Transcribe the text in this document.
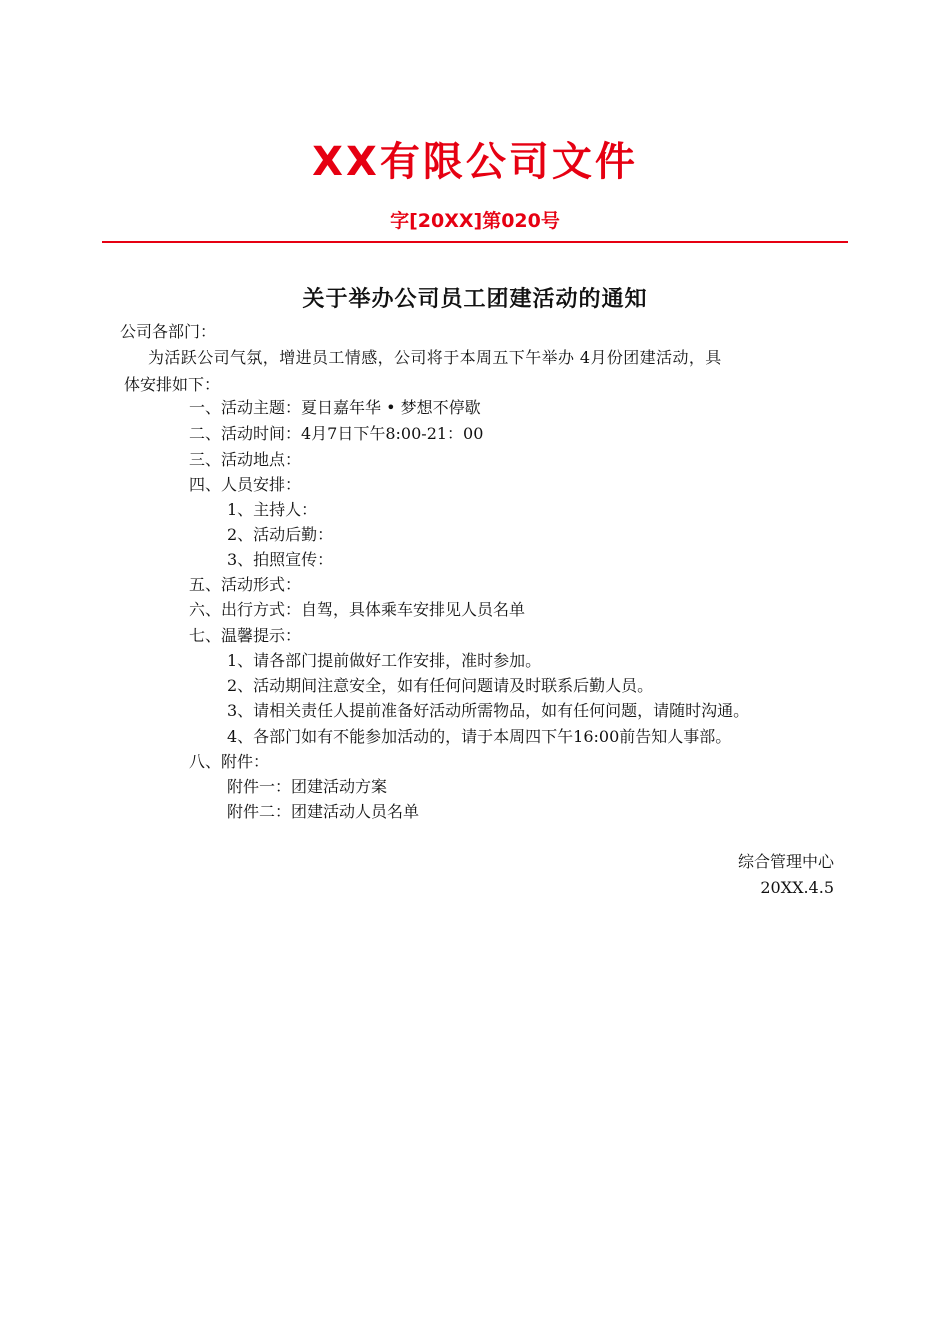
XX有限公司文件
字[20XX]第020号
关于举办公司员工团建活动的通知
公司各部门：
为活跃公司气氛，增进员工情感，公司将于本周五下午举办 4月份团建活动，具
体安排如下：
一、活动主题：夏日嘉年华 • 梦想不停歇
二、活动时间：4月7日下午8:00-21：00
三、活动地点：
四、人员安排：
1、主持人：
2、活动后勤：
3、拍照宣传：
五、活动形式：
六、出行方式：自驾，具体乘车安排见人员名单
七、温馨提示：
1、请各部门提前做好工作安排，准时参加。
2、活动期间注意安全，如有任何问题请及时联系后勤人员。
3、请相关责任人提前准备好活动所需物品，如有任何问题，请随时沟通。
4、各部门如有不能参加活动的，请于本周四下午16:00前告知人事部。
八、附件：
附件一：团建活动方案
附件二：团建活动人员名单
综合管理中心
20XX.4.5
